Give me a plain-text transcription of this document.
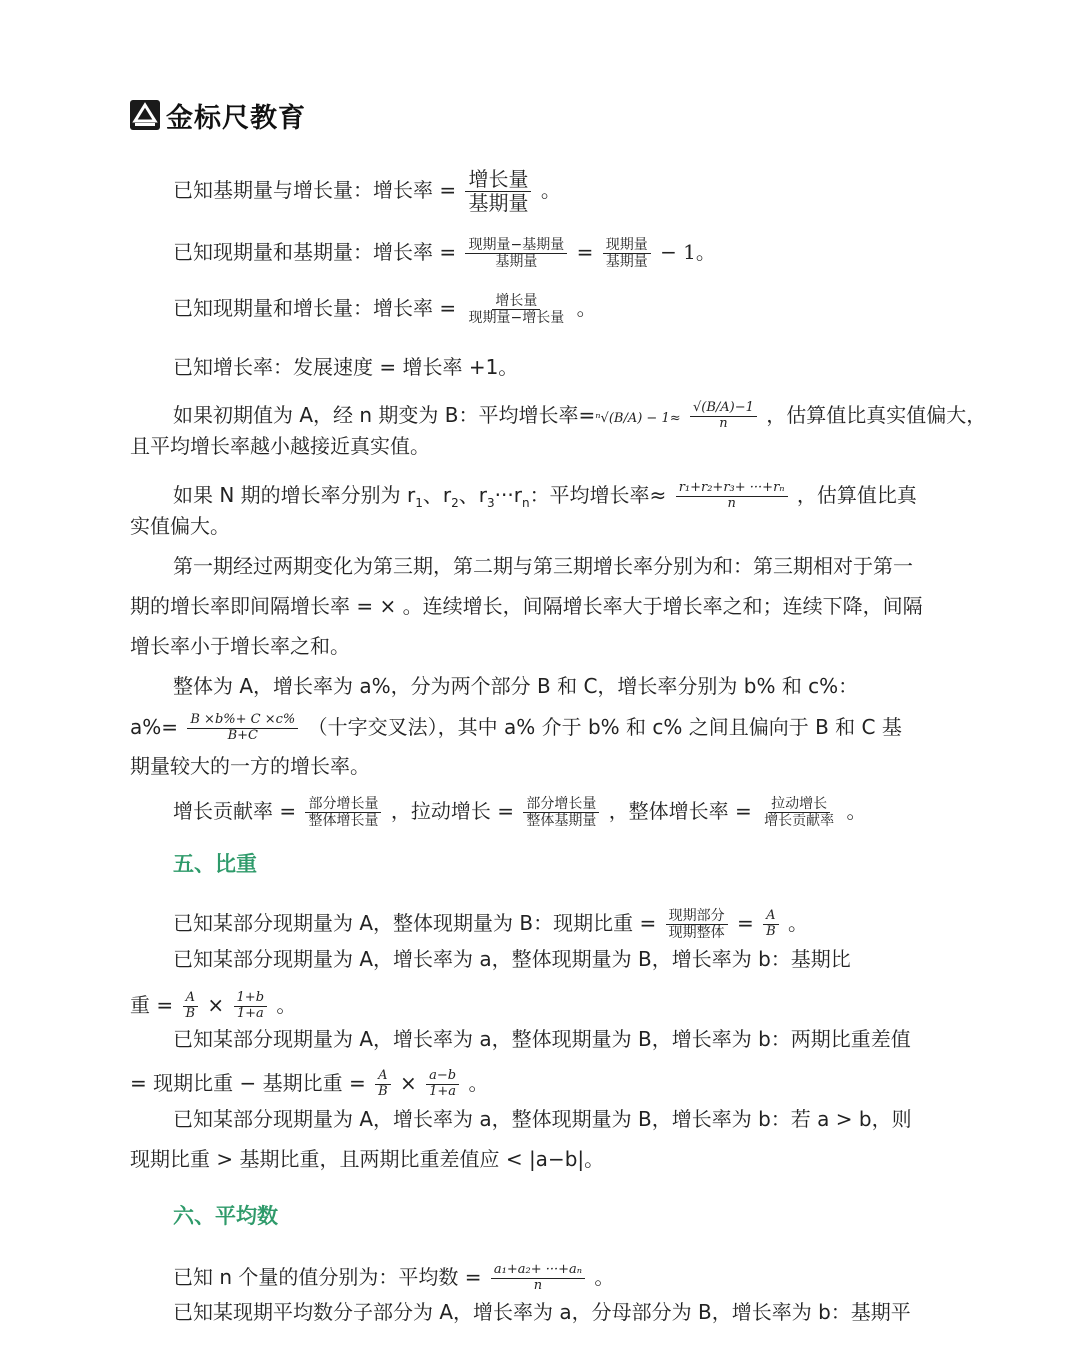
金标尺教育
已知基期量与增长量：增长率 = $\frac{\text{增长量}}{\text{基期量}}$ 。
已知现期量和基期量：增长率 = $\frac{\text{现期量−基期量}}{\text{基期量}} = \frac{\text{现期量}}{\text{基期量}} - 1$。
已知现期量和增长量：增长率 = $\frac{\text{增长量}}{\text{现期量−增长量}}$ 。
已知增长率：发展速度 = 增长率 +1。
如果初期值为 A，经 n 期变为 B：平均增长率$=^n√(B/A) - 1\approx \frac{√(B/A)-1}{n}$ ，估算值比真实值偏大，
且平均增长率越小越接近真实值。
如果 N 期的增长率分别为 $r_1$、$r_2$、$r_3\cdot\cdot\cdot r_n$：平均增长率≈ $\frac{\text{r₁+r₂+r₃+ ···+rₙ}}{n}$ ，估算值比真
实值偏大。
第一期经过两期变化为第三期，第二期与第三期增长率分别为和：第三期相对于第一
期的增长率即间隔增长率 = × 。连续增长，间隔增长率大于增长率之和；连续下降，间隔
增长率小于增长率之和。
整体为 A，增长率为 a%，分为两个部分 B 和 C，增长率分别为 b% 和 c%：
$a\%= \frac{B \times b\%+ C \times c\%}{B+C}$ （十字交叉法），其中 a% 介于 b% 和 c% 之间且偏向于 B 和 C 基
期量较大的一方的增长率。
增长贡献率 = $\frac{\text{部分增长量}}{\text{整体增长量}}$ ，拉动增长 = $\frac{\text{部分增长量}}{\text{整体基期量}}$ ，整体增长率 = $\frac{\text{拉动增长}}{\text{增长贡献率}}$ 。
五、比重
已知某部分现期量为 A，整体现期量为 B：现期比重 = $\frac{\text{现期部分}}{\text{现期整体}} = \frac{A}{B}$ 。
已知某部分现期量为 A，增长率为 a，整体现期量为 B，增长率为 b：基期比
重 = $\frac{A}{B} \times \frac{1+b}{1+a}$ 。
已知某部分现期量为 A，增长率为 a，整体现期量为 B，增长率为 b：两期比重差值
= 现期比重 − 基期比重 = $\frac{A}{B} \times \frac{a-b}{1+a}$ 。
已知某部分现期量为 A，增长率为 a，整体现期量为 B，增长率为 b：若 a > b，则
现期比重 > 基期比重，且两期比重差值应 < |a−b|。
六、平均数
已知 n 个量的值分别为：平均数 = $\frac{\text{a₁+a₂+ ···+aₙ}}{n}$ 。
已知某现期平均数分子部分为 A，增长率为 a，分母部分为 B，增长率为 b：基期平
